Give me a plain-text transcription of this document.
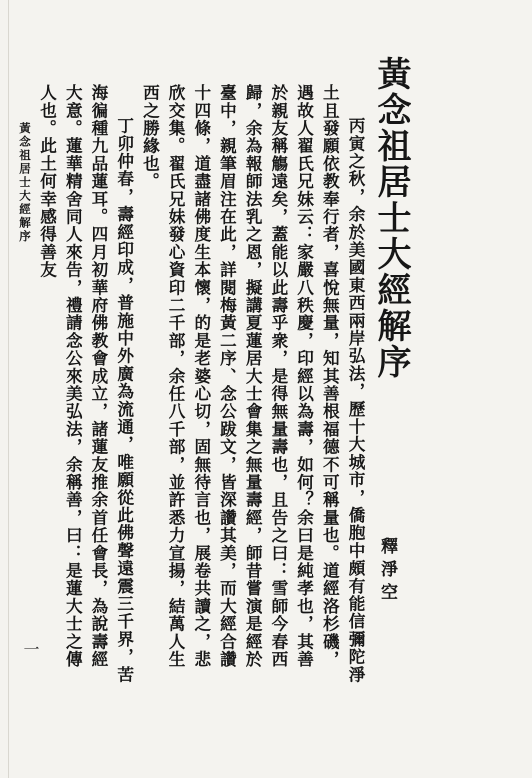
黃念祖居士大經解序

丙寅之秋，余於美國東西兩岸弘法，歷十大城市，僑胞中頗有能信彌陀淨土且發願依教奉行者，喜悅無量，知其善根福德不可稱量也。道經洛杉磯，遇故人翟氏兄妹云：家嚴八秩慶，印經以為壽，如何？余曰是純孝也，其善於親友稱觴遠矣，蓋能以此壽乎衆，是得無量壽也，且告之曰：雪師今春西歸，余為報師法乳之恩，擬講夏蓮居大士會集之無量壽經，師昔嘗演是經於臺中，親筆眉注在此，詳閱梅黃二序、念公跋文，皆深讚其美，而大經合讚十四條，道盡諸佛度生本懷，的是老婆心切，固無待言也，展卷共讀之，悲欣交集。翟氏兄妹發心資印二千部，余任八千部，並許悉力宣揚，結萬人生西之勝緣也。

丁卯仲春，壽經印成，普施中外廣為流通，唯願從此佛聲遠震三千界，苦海徧種九品蓮耳。四月初華府佛教會成立，諸蓮友推余首任會長，為說壽經大意。蓮華精舍同人來告，禮請念公來美弘法，余稱善，曰：是蓮大士之傳人也。此土何幸感得善友

釋淨空
黃念祖居士大經解序
一
